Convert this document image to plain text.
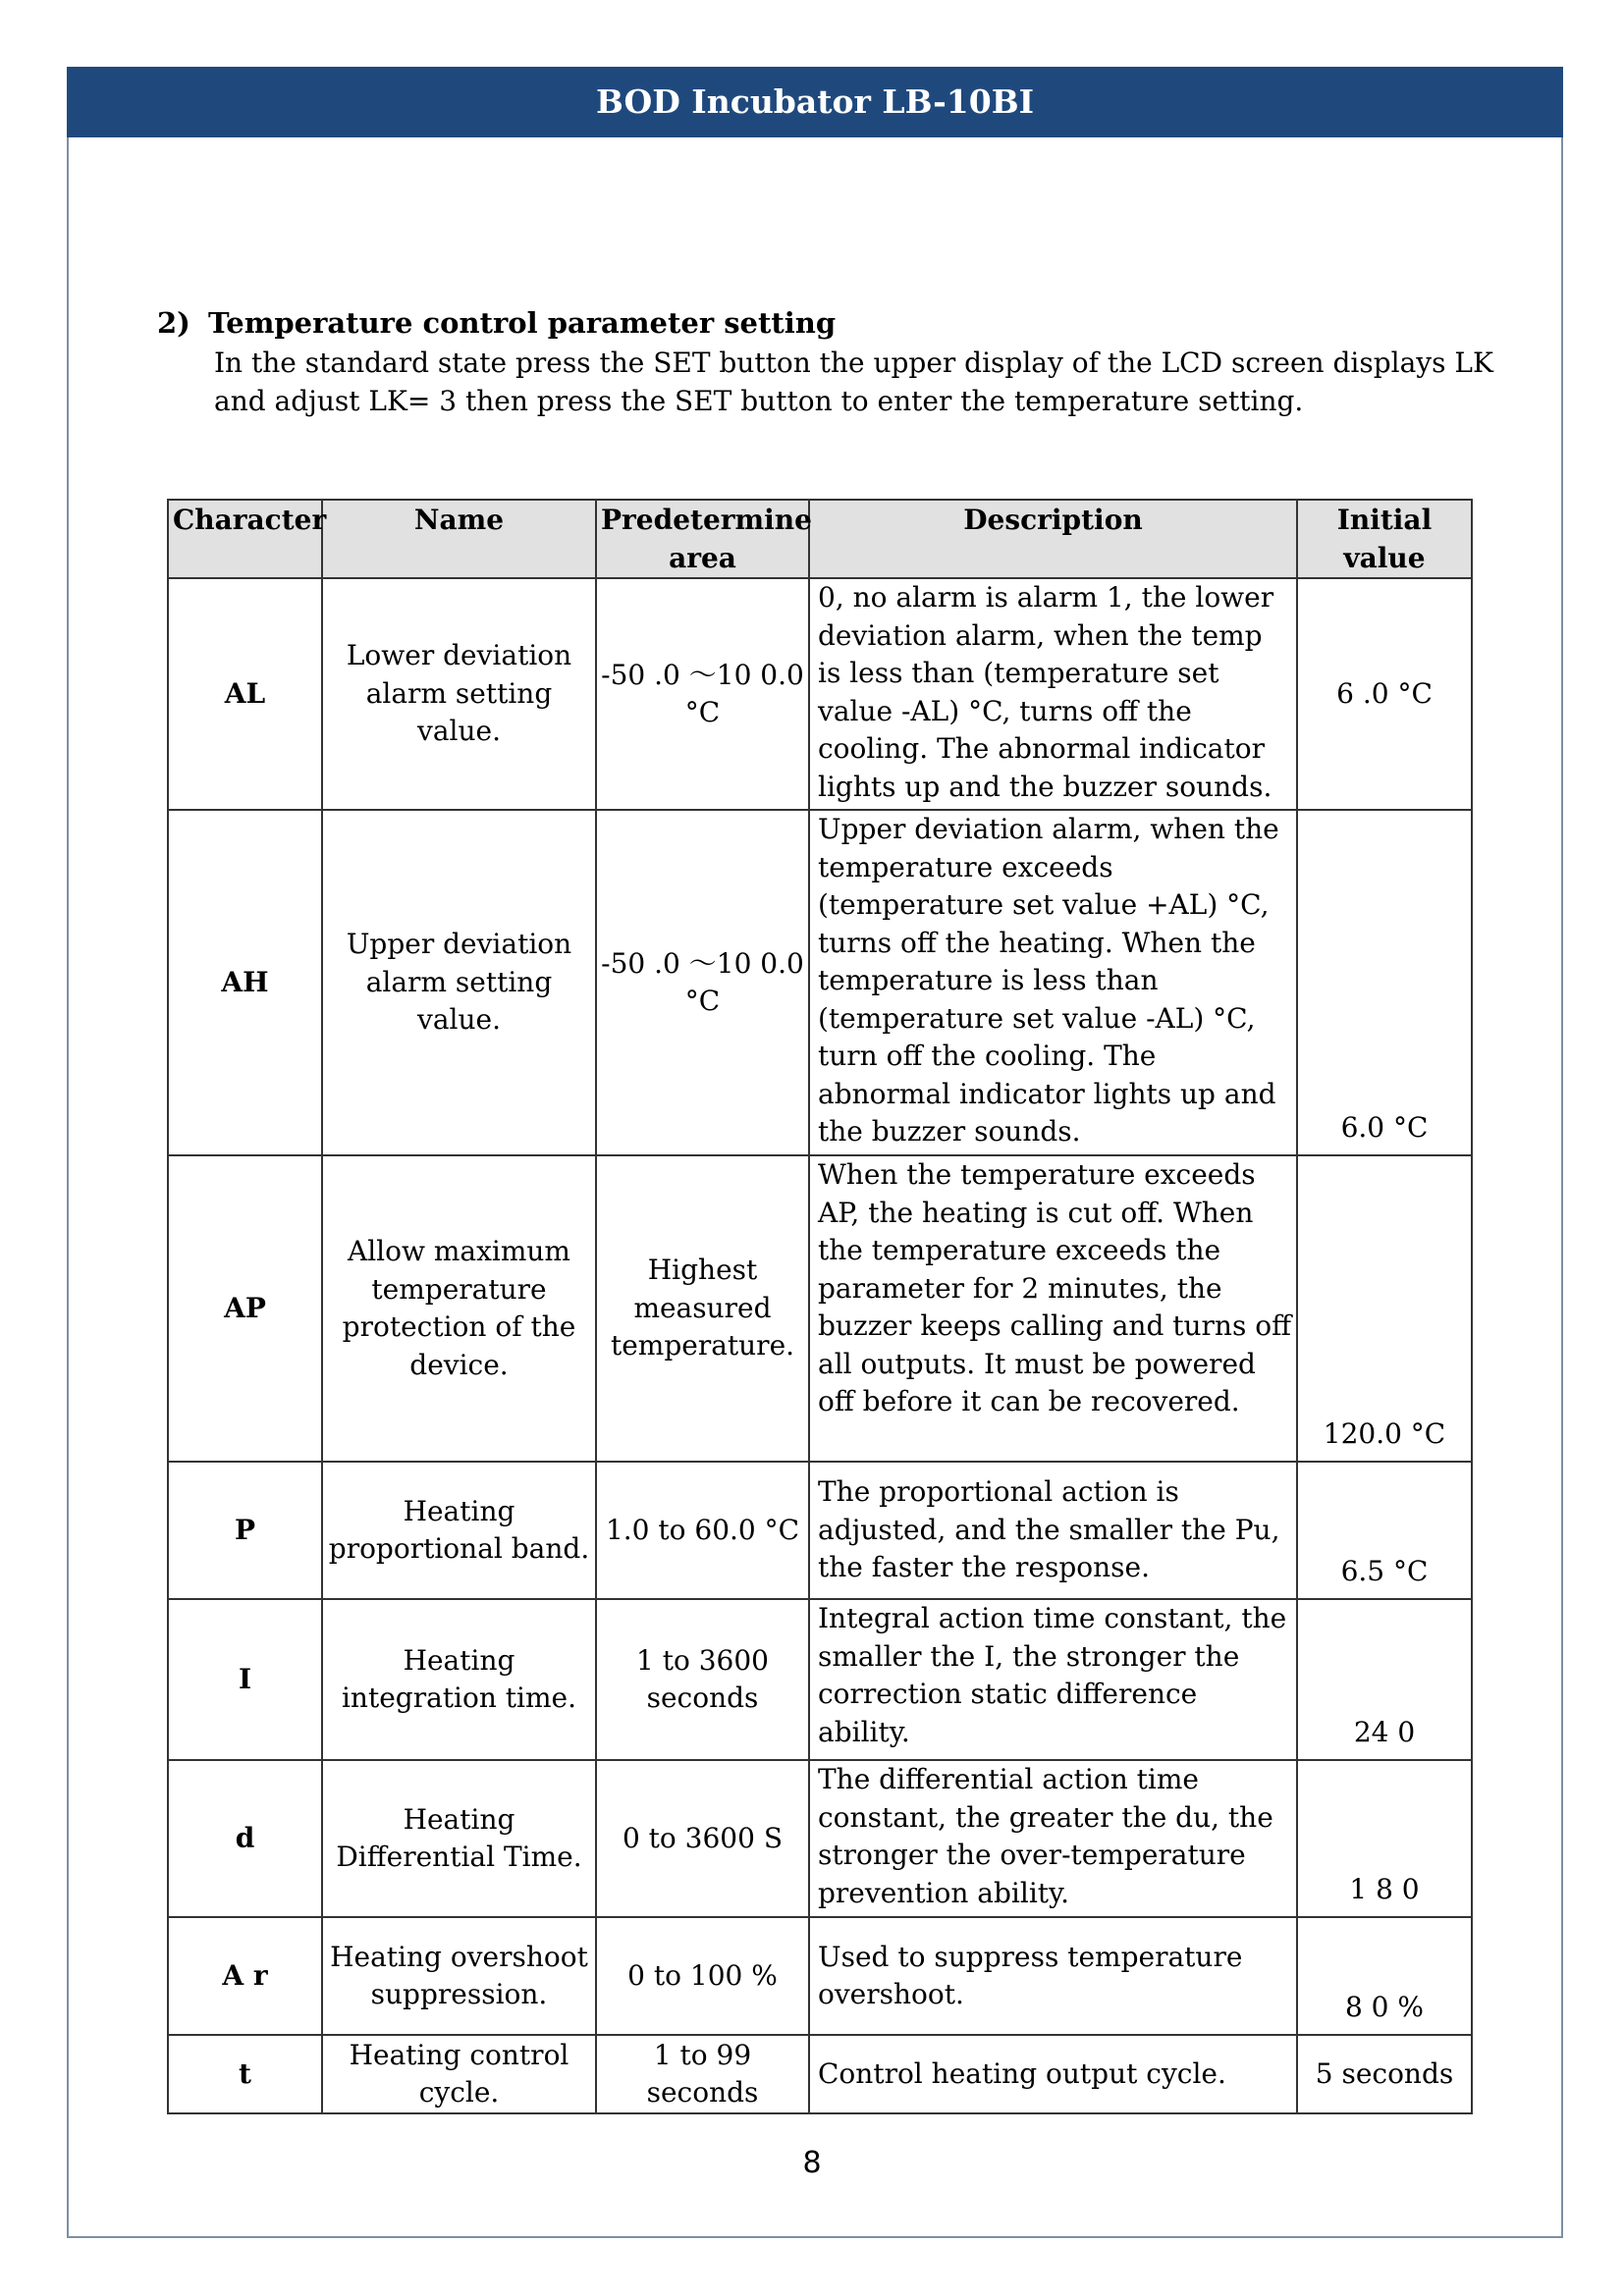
BOD Incubator LB-10BI

2) Temperature control parameter setting

In the standard state press the SET button the upper display of the LCD screen displays LK and adjust LK= 3 then press the SET button to enter the temperature setting.
Character	Name	Predetermine area	Description	Initial value
AL	Lower deviation alarm setting value.	-50 .0 ～10 0.0 °C	0, no alarm is alarm 1, the lower deviation alarm, when the temp is less than (temperature set value -AL) °C, turns off the cooling. The abnormal indicator lights up and the buzzer sounds.	6 .0 °C
AH	Upper deviation alarm setting value.	-50 .0 ～10 0.0 °C	Upper deviation alarm, when the temperature exceeds (temperature set value +AL) °C, turns off the heating. When the temperature is less than (temperature set value -AL) °C, turn off the cooling. The abnormal indicator lights up and the buzzer sounds.	6.0 °C
AP	Allow maximum temperature protection of the device.	Highest measured temperature.	When the temperature exceeds AP, the heating is cut off. When the temperature exceeds the parameter for 2 minutes, the buzzer keeps calling and turns off all outputs. It must be powered off before it can be recovered.	120.0 °C
P	Heating proportional band.	1.0 to 60.0 °C	The proportional action is adjusted, and the smaller the Pu, the faster the response.	6.5 °C
I	Heating integration time.	1 to 3600 seconds	Integral action time constant, the smaller the I, the stronger the correction static difference ability.	24 0
d	Heating Differential Time.	0 to 3600 S	The differential action time constant, the greater the du, the stronger the over-temperature prevention ability.	1 8 0
A r	Heating overshoot suppression.	0 to 100 %	Used to suppress temperature overshoot.	8 0 %
t	Heating control cycle.	1 to 99 seconds	Control heating output cycle.	5 seconds
8
